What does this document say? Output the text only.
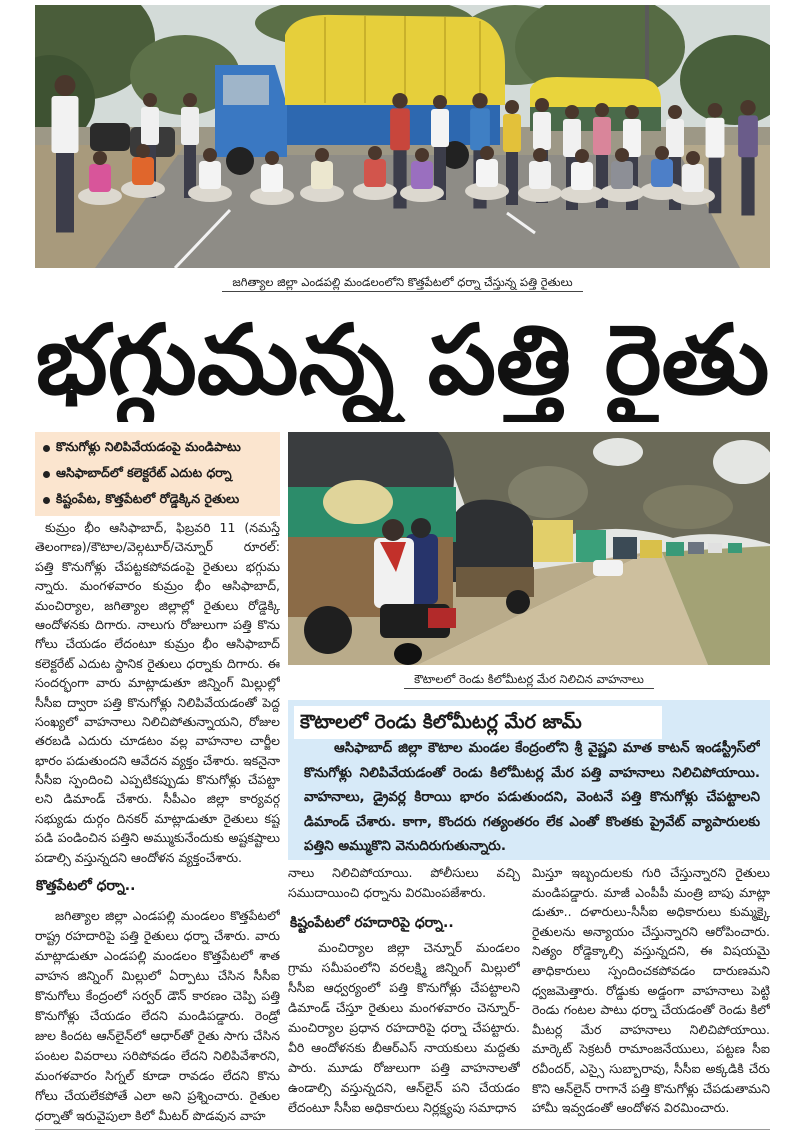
జగిత్యాల జిల్లా ఎండపల్లి మండలంలోని కొత్తపేటలో ధర్నా చేస్తున్న పత్తి రైతులు
భగ్గుమన్న పత్తి రైతు
కొనుగోళ్లు నిలిపివేయడంపై మండిపాటు
ఆసిఫాబాద్‌లో కలెక్టరేట్ ఎదుట ధర్నా
కిష్టంపేట, కొత్తపేటలో రోడ్డెక్కిన రైతులు
కౌటాలలో రెండు కిలోమీటర్ల మేర నిలిచిన వాహనాలు
కౌటాలలో రెండు కిలోమీటర్ల మేర జామ్
ఆసిఫాబాద్ జిల్లా కౌటాల మండల కేంద్రంలోని శ్రీ వైష్ణవి మాత కాటన్ ఇండస్ట్రీస్‌లో
కొనుగోళ్లు నిలిపివేయడంతో రెండు కిలోమీటర్ల మేర పత్తి వాహనాలు నిలిచిపోయాయి.
వాహనాలు, డ్రైవర్ల కిరాయి భారం పడుతుందని, వెంటనే పత్తి కొనుగోళ్లు చేపట్టాలని
డిమాండ్ చేశారు. కాగా, కొందరు గత్యంతరం లేక ఎంతో కొంతకు ప్రైవేట్ వ్యాపారులకు
పత్తిని అమ్ముకొని వెనుదిరుగుతున్నారు.
కుమ్రం భీం ఆసిఫాబాద్, ఫిబ్రవరి 11 (నమస్తే
తెలంగాణ)/కౌటాల/వెల్గటూర్/చెన్నూర్ రూరల్:
పత్తి కొనుగోళ్లు చేపట్టకపోవడంపై రైతులు భగ్గుమ
న్నారు. మంగళవారం కుమ్రం భీం ఆసిఫాబాద్,
మంచిర్యాల, జగిత్యాల జిల్లాల్లో రైతులు రోడ్డెక్కి
ఆందోళనకు దిగారు. నాలుగు రోజులుగా పత్తి కొను
గోలు చేయడం లేదంటూ కుమ్రం భీం ఆసిఫాబాద్
కలెక్టరేట్ ఎదుట స్థానిక రైతులు ధర్నాకు దిగారు. ఈ
సందర్భంగా వారు మాట్లాడుతూ జిన్నింగ్ మిల్లుల్లో
సీసీఐ ద్వారా పత్తి కొనుగోళ్లు నిలిపివేయడంతో పెద్ద
సంఖ్యలో వాహనాలు నిలిచిపోతున్నాయని, రోజుల
తరబడి ఎదురు చూడటం వల్ల వాహనాల చార్జీల
భారం పడుతుందని ఆవేదన వ్యక్తం చేశారు. ఇకనైనా
సీసీఐ స్పందించి ఎప్పటికప్పుడు కొనుగోళ్లు చేపట్టా
లని డిమాండ్ చేశారు. సీపీఎం జిల్లా కార్యవర్గ
సభ్యుడు దుర్గం దినకర్ మాట్లాడుతూ రైతులు కష్ట
పడి పండించిన పత్తిని అమ్ముకునేందుకు అష్టకష్టాలు
పడాల్సి వస్తున్నదని ఆందోళన వ్యక్తంచేశారు.
కొత్తపేటలో ధర్నా..
జగిత్యాల జిల్లా ఎండపల్లి మండలం కొత్తపేటలో
రాష్ట్ర రహదారిపై పత్తి రైతులు ధర్నా చేశారు. వారు
మాట్లాడుతూ ఎండపల్లి మండలం కొత్తపేటలో శాత
వాహన జిన్నింగ్ మిల్లులో ఏర్పాటు చేసిన సీసీఐ
కొనుగోలు కేంద్రంలో సర్వర్ డౌన్ కారణం చెప్పి పత్తి
కొనుగోళ్లు చేయడం లేదని మండిపడ్డారు. రెండ్రో
జుల కిందట ఆన్‌లైన్‌లో ఆధార్‌తో రైతు సాగు చేసిన
పంటల వివరాలు సరిపోవడం లేదని నిలిపివేశారని,
మంగళవారం సిగ్నల్ కూడా రావడం లేదని కొను
గోలు చేయలేకపోతే ఎలా అని ప్రశ్నించారు. రైతుల
ధర్నాతో ఇరువైపులా కిలో మీటర్ పొడవున వాహ
నాలు నిలిచిపోయాయి. పోలీసులు వచ్చి
సముదాయించి ధర్నాను విరమింపజేశారు.
కిష్టంపేటలో రహదారిపై ధర్నా..
మంచిర్యాల జిల్లా చెన్నూర్ మండలం
గ్రామ సమీపంలోని వరలక్ష్మి జిన్నింగ్ మిల్లులో
సీసీఐ ఆధ్వర్యంలో పత్తి కొనుగోళ్లు చేపట్టాలని
డిమాండ్ చేస్తూ రైతులు మంగళవారం చెన్నూర్-
మంచిర్యాల ప్రధాన రహదారిపై ధర్నా చేపట్టారు.
వీరి ఆందోళనకు బీఆర్‌ఎస్ నాయకులు మద్దతు
పారు. మూడు రోజులుగా పత్తి వాహనాలతో
ఉండాల్సి వస్తున్నదని, ఆన్‌లైన్ పని చేయడం
లేదంటూ సీసీఐ అధికారులు నిర్లక్ష్యపు సమాధాన
మిస్తూ ఇబ్బందులకు గురి చేస్తున్నారని రైతులు
మండిపడ్డారు. మాజీ ఎంపీపీ మంత్రి బాపు మాట్లా
డుతూ.. దళారులు-సీసీఐ అధికారులు కుమ్మక్కై
రైతులను అన్యాయం చేస్తున్నారని ఆరోపించారు.
నిత్యం రోడ్డెక్కాల్సి వస్తున్నదని, ఈ విషయమై
తాధికారులు స్పందించకపోవడం దారుణమని
ధ్వజమెత్తారు. రోడ్డుకు అడ్డంగా వాహనాలు పెట్టి
రెండు గంటల పాటు ధర్నా చేయడంతో రెండు కిలో
మీటర్ల మేర వాహనాలు నిలిచిపోయాయి.
మార్కెట్ సెక్రటరీ రామాంజనేయులు, పట్టణ సీఐ
రవీందర్, ఎస్సై సుబ్బారావు, సీసీఐ అక్కడికి చేరు
కొని ఆన్‌లైన్ రాగానే పత్తి కొనుగోళ్లు చేపడుతామని
హామీ ఇవ్వడంతో ఆందోళన విరమించారు.
